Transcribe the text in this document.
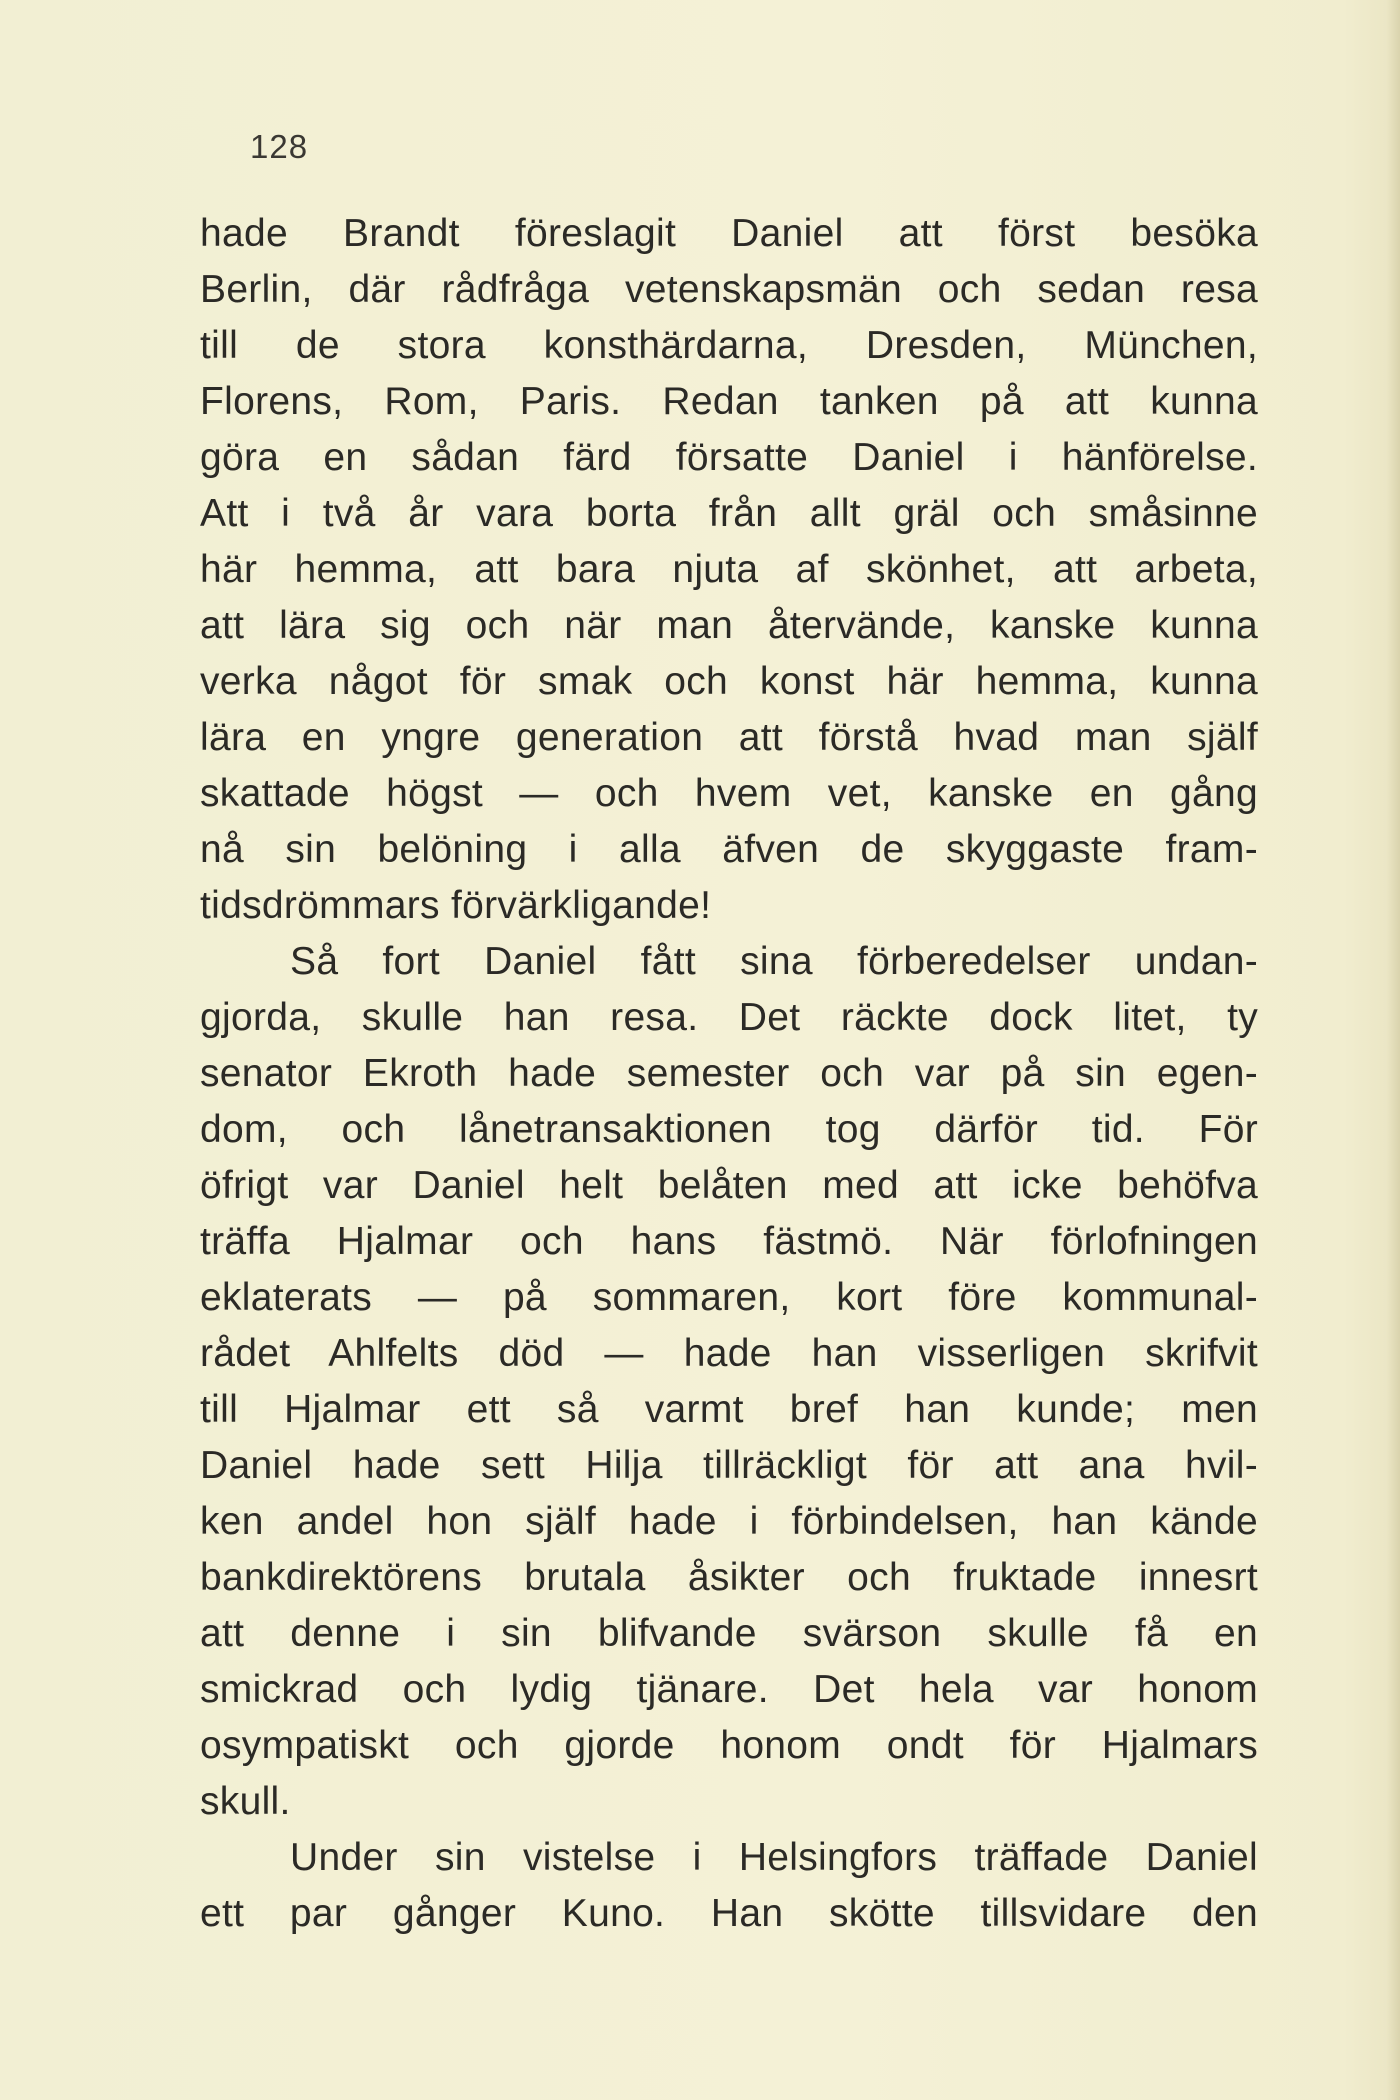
128

hade Brandt föreslagit Daniel att först besöka
Berlin, där rådfråga vetenskapsmän och sedan resa
till de stora konsthärdarna, Dresden, München,
Florens, Rom, Paris. Redan tanken på att kunna
göra en sådan färd försatte Daniel i hänförelse.
Att i två år vara borta från allt gräl och småsinne
här hemma, att bara njuta af skönhet, att arbeta,
att lära sig och när man återvände, kanske kunna
verka något för smak och konst här hemma, kunna
lära en yngre generation att förstå hvad man själf
skattade högst — och hvem vet, kanske en gång
nå sin belöning i alla äfven de skyggaste fram-
tidsdrömmars förvärkligande!
Så fort Daniel fått sina förberedelser undan-
gjorda, skulle han resa. Det räckte dock litet, ty
senator Ekroth hade semester och var på sin egen-
dom, och lånetransaktionen tog därför tid. För
öfrigt var Daniel helt belåten med att icke behöfva
träffa Hjalmar och hans fästmö. När förlofningen
eklaterats — på sommaren, kort före kommunal-
rådet Ahlfelts död — hade han visserligen skrifvit
till Hjalmar ett så varmt bref han kunde; men
Daniel hade sett Hilja tillräckligt för att ana hvil-
ken andel hon själf hade i förbindelsen, han kände
bankdirektörens brutala åsikter och fruktade innesrt
att denne i sin blifvande svärson skulle få en
smickrad och lydig tjänare. Det hela var honom
osympatiskt och gjorde honom ondt för Hjalmars
skull.
Under sin vistelse i Helsingfors träffade Daniel
ett par gånger Kuno. Han skötte tillsvidare den
